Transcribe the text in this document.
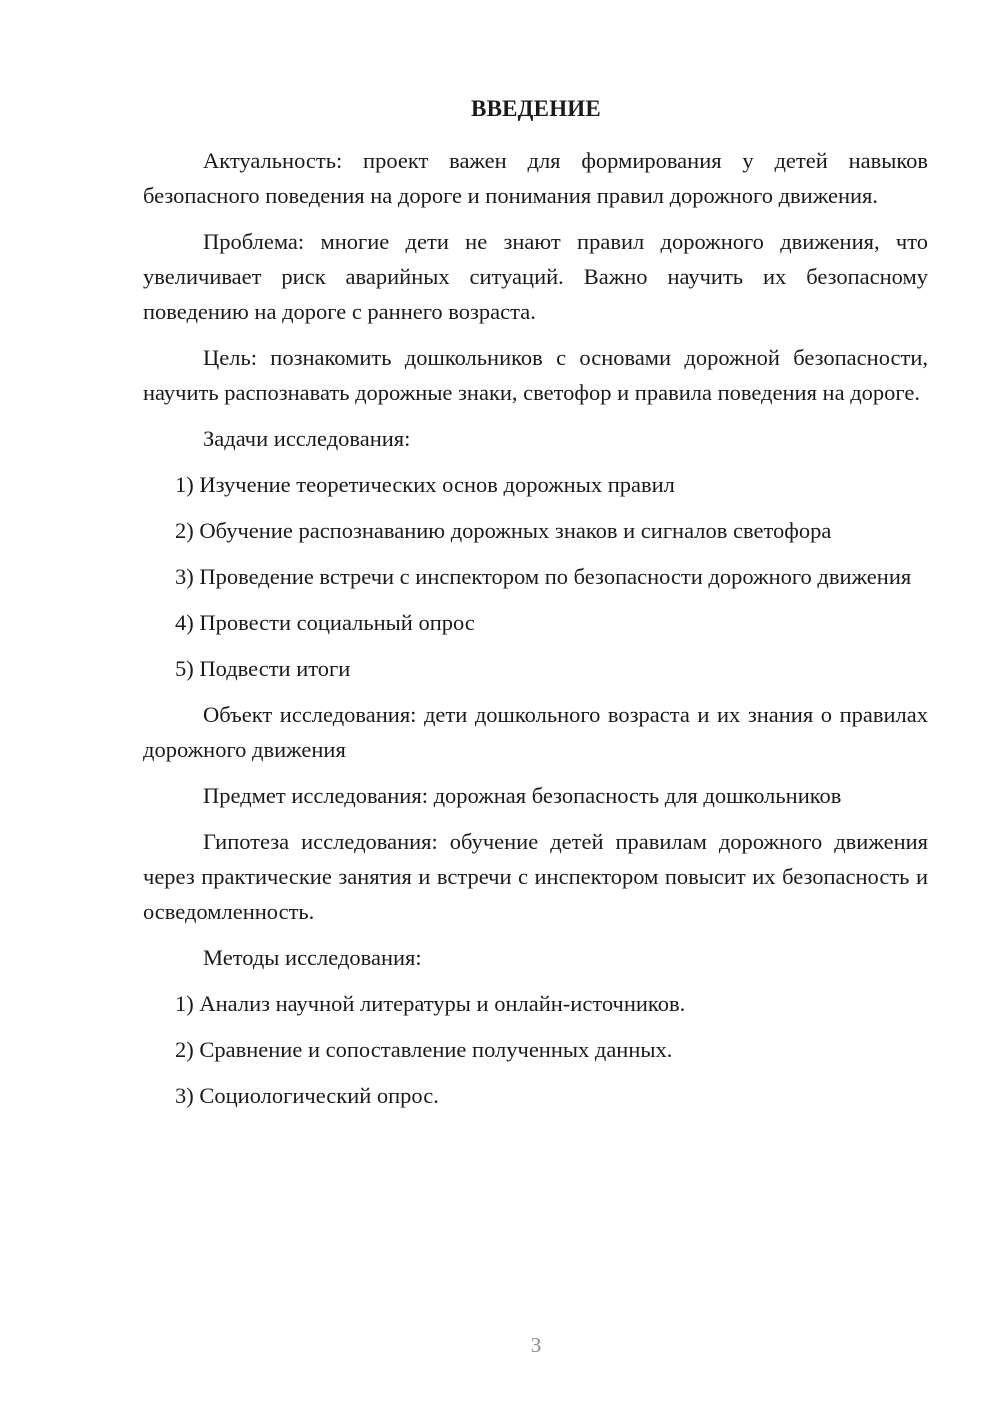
ВВЕДЕНИЕ

Актуальность: проект важен для формирования у детей навыков безопасного поведения на дороге и понимания правил дорожного движения.

Проблема: многие дети не знают правил дорожного движения, что увеличивает риск аварийных ситуаций. Важно научить их безопасному поведению на дороге с раннего возраста.

Цель: познакомить дошкольников с основами дорожной безопасности, научить распознавать дорожные знаки, светофор и правила поведения на дороге.

Задачи исследования:

1) Изучение теоретических основ дорожных правил

2) Обучение распознаванию дорожных знаков и сигналов светофора

3) Проведение встречи с инспектором по безопасности дорожного движения

4) Провести социальный опрос

5) Подвести итоги

Объект исследования: дети дошкольного возраста и их знания о правилах дорожного движения

Предмет исследования: дорожная безопасность для дошкольников

Гипотеза исследования: обучение детей правилам дорожного движения через практические занятия и встречи с инспектором повысит их безопасность и осведомленность.

Методы исследования:

1) Анализ научной литературы и онлайн-источников.

2) Сравнение и сопоставление полученных данных.

3) Социологический опрос.

3
